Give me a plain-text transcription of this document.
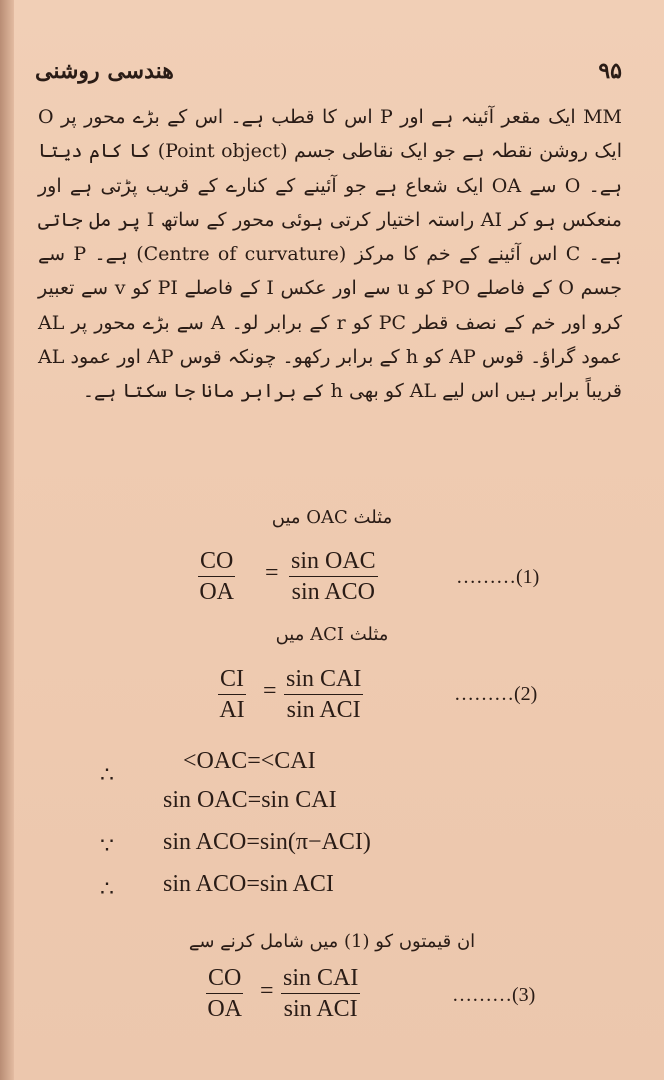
هندسی روشنی	۹۵

MM ایک مقعر آئینہ ہے اور P اس کا قطب ہے۔ اس کے بڑے محور پر O ایک روشن نقطہ ہے جو ایک نقاطی جسم (Point object) کا کام دیتا ہے۔ O سے OA ایک شعاع ہے جو آئینے کے کنارے کے قریب پڑتی ہے اور منعکس ہو کر AI راستہ اختیار کرتی ہوئی محور کے ساتھ I پر مل جاتی ہے۔ C اس آئینے کے خم کا مرکز (Centre of curvature) ہے۔ P سے جسم O کے فاصلے PO کو u سے اور عکس I کے فاصلے PI کو v سے تعبیر کرو اور خم کے نصف قطر PC کو r کے برابر لو۔ A سے بڑے محور پر AL عمود گراؤ۔ قوس AP کو h کے برابر رکھو۔ چونکہ قوس AP اور عمود AL قریباً برابر ہیں اس لیے AL کو بھی h کے برابر مانا جا سکتا ہے۔

مثلث OAC میں
$\frac{CO}{OA} = \sin$ OAC
sin ACO
………(1)
مثلث ACI میں
$\frac{CI}{AI} = \sin$ CAI
sin ACI
………(2)
∴
<OAC=<CAI
sin OAC=sin CAI
∵ sin ACO=sin(π−ACI)
∴ sin ACO=sin ACI
ان قیمتوں کو (1) میں شامل کرنے سے
$\frac{CO}{OA} = \sin$ CAI
sin ACI
………(3)
